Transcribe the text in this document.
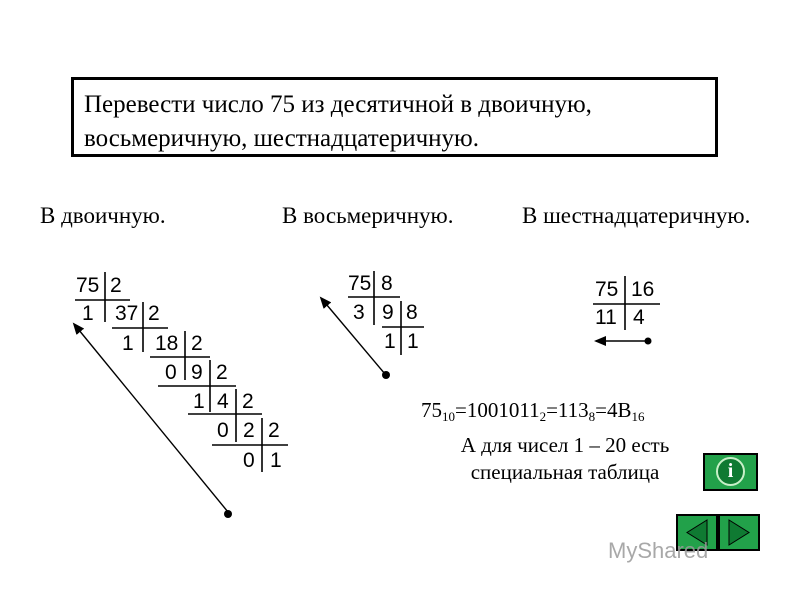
Перевести число 75 из десятичной в двоичную,
восьмеричную, шестнадцатеричную.
В двоичную.	В восьмеричную.	В шестнадцатеричную.
75 2
1 37 2
1 18 2
0 9 2
1 4 2
0 2 2
0 1
75 8
3 9 8
1 1
75 16
11 4
$75_{10}=1001011_2=113_8=4B_{16}$
А для чисел 1 – 20 есть
специальная таблица	i
MyShared
